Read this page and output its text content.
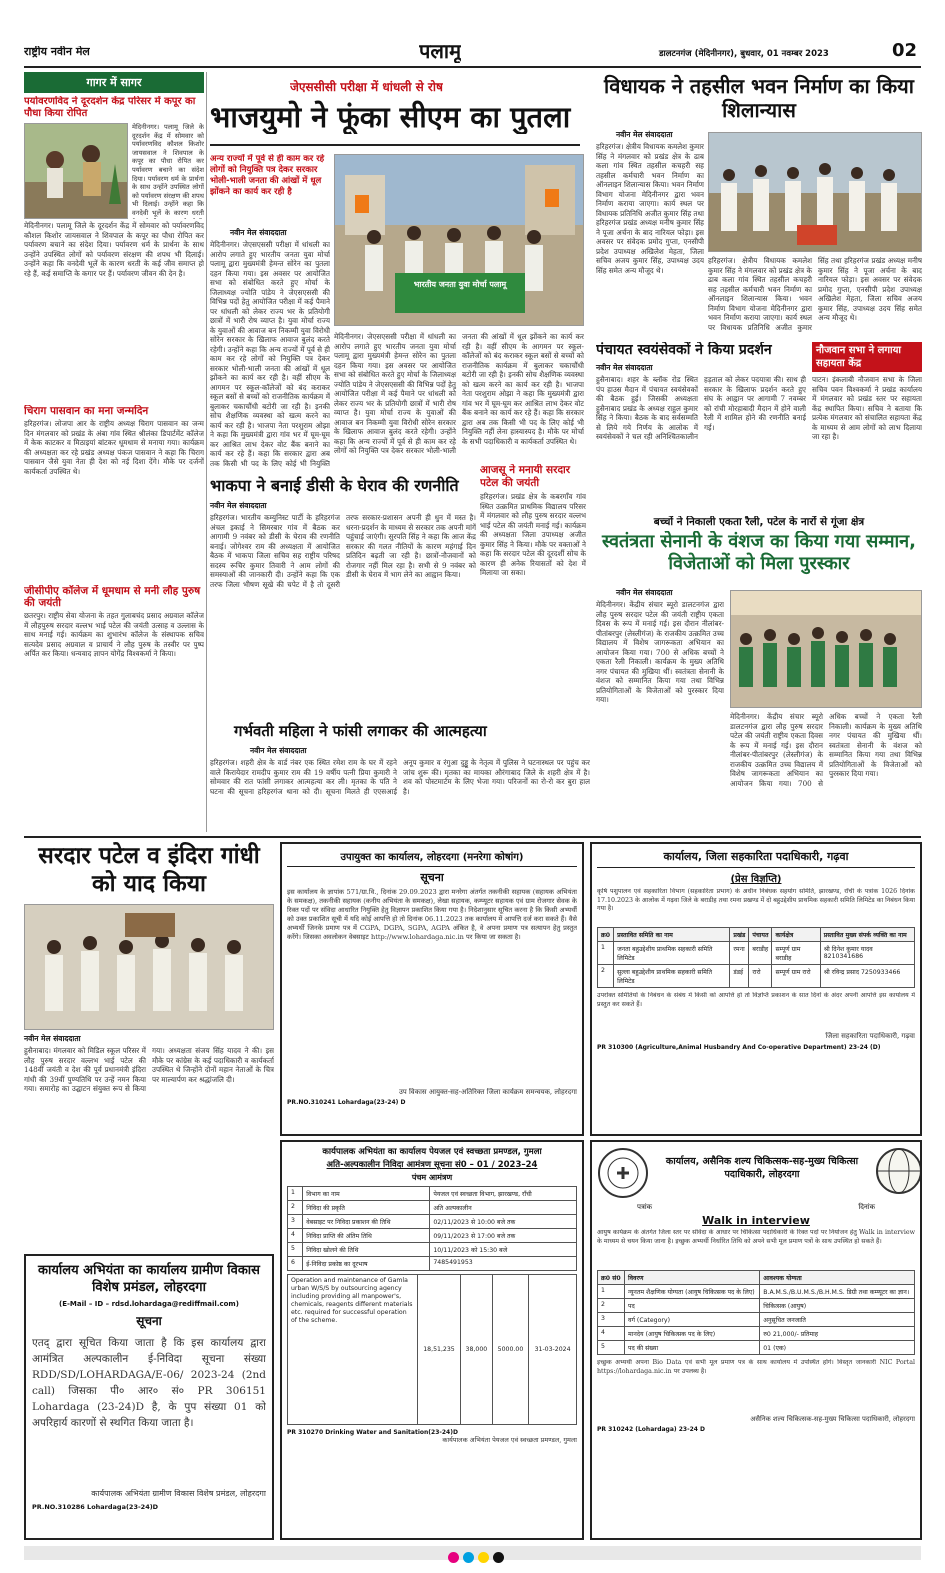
राष्ट्रीय नवीन मेल	पलामू	डालटनगंज (मेदिनीनगर), बुधवार, 01 नवम्बर 2023	02
गागर में सागर
पर्यावरणविद ने दूरदर्शन केंद्र परिसर में कपूर का पौधा किया रोपित
मेदिनीनगर। पलामू जिले के दूरदर्शन केंद्र में सोमवार को पर्यावरणविद कौशल किशोर जायसवाल ने शिवपाल के कपूर का पौधा रोपित कर पर्यावरण बचाने का संदेश दिया। पर्यावरण धर्म के प्रार्थना के साथ उन्होंने उपस्थित लोगों को पर्यावरण संरक्षण की शपथ भी दिलाई। उन्होंने कहा कि वनदेवी भूलें के कारण धरती
मेदिनीनगर। पलामू जिले के दूरदर्शन केंद्र में सोमवार को पर्यावरणविद कौशल किशोर जायसवाल ने शिवपाल के कपूर का पौधा रोपित कर पर्यावरण बचाने का संदेश दिया। पर्यावरण धर्म के प्रार्थना के साथ उन्होंने उपस्थित लोगों को पर्यावरण संरक्षण की शपथ भी दिलाई। उन्होंने कहा कि वनदेवी भूलें के कारण धरती के कई जीव समाप्त हो रहे हैं, कई समाप्ति के कगार पर हैं। पर्यावरण जीवन की देन है।
चिराग पासवान का मना जन्मदिन
हरिहरगंज। लोजपा आर के राष्ट्रीय अध्यक्ष चिराग पासवान का जन्म दिन मंगलवार को प्रखंड के अंबा गांव स्थित श्रीलंका डिपार्टमेंट कॉलेज में केक काटकर व मिठाइयां बांटकर धूमधाम से मनाया गया। कार्यक्रम की अध्यक्षता कर रहे प्रखंड अध्यक्ष पंकज पासवान ने कहा कि चिराग पासवान जैसे युवा नेता ही देश को नई दिशा देंगे। मौके पर दर्जनों कार्यकर्ता उपस्थित थे।
जीसीपीए कॉलेज में धूमधाम से मनी लौह पुरुष की जयंती
छतरपुर। राष्ट्रीय सेवा योजना के तहत गुलाबचंद प्रसाद अग्रवाल कॉलेज में लौहपुरुष सरदार वल्लभ भाई पटेल की जयंती उत्साह व उल्लास के साथ मनाई गई। कार्यक्रम का शुभारंभ कॉलेज के संस्थापक सचिव सत्यदेव प्रसाद अग्रवाल व प्राचार्य ने लौह पुरुष के तस्वीर पर पुष्प अर्पित कर किया। धन्यवाद ज्ञापन योगेंद्र विश्वकर्मा ने किया।
जेएससीसी परीक्षा में धांधली से रोष
भाजयुमो ने फूंका सीएम का पुतला
अन्य राज्यों में पूर्व से ही काम कर रहे लोगों को नियुक्ति पत्र देकर सरकार भोली-भाली जनता की आंखों में धूल झोंकने का कार्य कर रही है
भारतीय जनता युवा मोर्चा पलामू
नवीन मेल संवाददाता
मेदिनीनगर। जेएसएससी परीक्षा में धांधली का आरोप लगाते हुए भारतीय जनता युवा मोर्चा पलामू द्वारा मुख्यमंत्री हेमन्त सोरेन का पुतला दहन किया गया। इस अवसर पर आयोजित सभा को संबोधित करते हुए मोर्चा के जिलाध्यक्ष ज्योति पांडेय ने जेएसएससी की विभिन्न पदों हेतु आयोजित परीक्षा में कई पैमाने पर धांधली को लेकर राज्य भर के प्रतियोगी छात्रों में भारी रोष व्याप्त है। युवा मोर्चा राज्य के युवाओं की आवाज बन निकम्मी युवा विरोधी सोरेन सरकार के खिलाफ आवाज बुलंद करते रहेगी। उन्होंने कहा कि अन्य राज्यों में पूर्व से ही काम कर रहे लोगों को नियुक्ति पत्र देकर सरकार भोली-भाली जनता की आंखों में धूल झोंकने का कार्य कर रही है। वहीं सीएम के आगमन पर स्कूल-कॉलेजों को बंद कराकर स्कूल बसों से बच्चों को राजनीतिक कार्यक्रम में बुलाकर चकाचौंधी बटोरी जा रही है। इनकी सोच शैक्षणिक व्यवस्था को खत्म करने का कार्य कर रही है। भाजपा नेता परशुराम ओझा ने कहा कि मुख्यमंत्री द्वारा गांव भर में घूम-घूम कर आश्रित लाभ देकर वोट बैंक बनाने का कार्य कर रहे हैं। कहा कि सरकार द्वारा अब तक किसी भी पद के लिए कोई भी नियुक्ति
मेदिनीनगर। जेएसएससी परीक्षा में धांधली का आरोप लगाते हुए भारतीय जनता युवा मोर्चा पलामू द्वारा मुख्यमंत्री हेमन्त सोरेन का पुतला दहन किया गया। इस अवसर पर आयोजित सभा को संबोधित करते हुए मोर्चा के जिलाध्यक्ष ज्योति पांडेय ने जेएसएससी की विभिन्न पदों हेतु आयोजित परीक्षा में कई पैमाने पर धांधली को लेकर राज्य भर के प्रतियोगी छात्रों में भारी रोष व्याप्त है। युवा मोर्चा राज्य के युवाओं की आवाज बन निकम्मी युवा विरोधी सोरेन सरकार के खिलाफ आवाज बुलंद करते रहेगी। उन्होंने कहा कि अन्य राज्यों में पूर्व से ही काम कर रहे लोगों को नियुक्ति पत्र देकर सरकार भोली-भाली जनता की आंखों में धूल झोंकने का कार्य कर रही है। वहीं सीएम के आगमन पर स्कूल-कॉलेजों को बंद कराकर स्कूल बसों से बच्चों को राजनीतिक कार्यक्रम में बुलाकर चकाचौंधी बटोरी जा रही है। इनकी सोच शैक्षणिक व्यवस्था को खत्म करने का कार्य कर रही है। भाजपा नेता परशुराम ओझा ने कहा कि मुख्यमंत्री द्वारा गांव भर में घूम-घूम कर आश्रित लाभ देकर वोट बैंक बनाने का कार्य कर रहे हैं। कहा कि सरकार द्वारा अब तक किसी भी पद के लिए कोई भी नियुक्ति नहीं लेना हास्यास्पद है। मौके पर मोर्चा के सभी पदाधिकारी व कार्यकर्ता उपस्थित थे।
भाकपा ने बनाई डीसी के घेराव की रणनीति
नवीन मेल संवाददाता
हरिहरगंज। भारतीय कम्युनिस्ट पार्टी के हरिहरगंज अंचल इकाई ने सिमरबार गांव में बैठक कर आगामी 9 नवंबर को डीसी के घेराव की रणनीति बनाई। जोगेश्वर राम की अध्यक्षता में आयोजित बैठक में भाकपा जिला सचिव सह राष्ट्रीय परिषद सदस्य रूचिर कुमार तिवारी ने आम लोगों की समस्याओं की जानकारी दी। उन्होंने कहा कि एक तरफ जिला भीषण सूखे की चपेट में है तो दूसरी तरफ सरकार-प्रशासन अपनी ही धुन में मस्त है। धरना-प्रदर्शन के माध्यम से सरकार तक अपनी मांगें पहुंचाई जाएंगी। सुरपति सिंह ने कहा कि आज केंद्र सरकार की गलत नीतियों के कारण महंगाई दिन प्रतिदिन बढ़ती जा रही है। छात्रों-नौजवानों को रोजगार नहीं मिल रहा है। सभी से 9 नवंबर को डीसी के घेराव में भाग लेने का आह्वान किया।
आजसू ने मनायी सरदार पटेल की जयंती
हरिहरगंज। प्रखंड क्षेत्र के कबरगाँव गांव स्थित उत्क्रमित प्राथमिक विद्यालय परिसर में मंगलवार को लौह पुरुष सरदार वल्लभ भाई पटेल की जयंती मनाई गई। कार्यक्रम की अध्यक्षता जिला उपाध्यक्ष अजीत कुमार सिंह ने किया। मौके पर वक्ताओं ने कहा कि सरदार पटेल की दूरदर्शी सोच के कारण ही अनेक रियासतों को देश में मिलाया जा सका।
गर्भवती महिला ने फांसी लगाकर की आत्महत्या
नवीन मेल संवाददाता
हरिहरगंज। शहरी क्षेत्र के वार्ड नंबर एक स्थित रमेश राम के घर में रहने वाले किरायेदार रामदीप कुमार राम की 19 वर्षीय पत्नी प्रिया कुमारी ने सोमवार की रात फांसी लगाकर आत्महत्या कर ली। मृतका के पति ने घटना की सूचना हरिहरगंज थाना को दी। सूचना मिलते ही एएसआई अनूप कुमार व रंगुआ दुड्डू के नेतृत्व में पुलिस ने घटनास्थल पर पहुंच कर जांच शुरू की। मृतका का मायका औरंगाबाद जिले के शहरी क्षेत्र में है। शव को पोस्टमार्टम के लिए भेजा गया। परिजनों का रो-रो कर बुरा हाल है।
विधायक ने तहसील भवन निर्माण का किया शिलान्यास
नवीन मेल संवाददाता
हरिहरगंज। क्षेत्रीय विधायक कमलेश कुमार सिंह ने मंगलवार को प्रखंड क्षेत्र के ढाब कला गांव स्थित तहसील कचहरी सह तहसील कर्मचारी भवन निर्माण का ऑनलाइन शिलान्यास किया। भवन निर्माण विभाग योजना मेदिनीनगर द्वारा भवन निर्माण कराया जाएगा। कार्य स्थल पर विधायक प्रतिनिधि अजीत कुमार सिंह तथा हरिहरगंज प्रखंड अध्यक्ष मनीष कुमार सिंह ने पूजा अर्चना के बाद नारियल फोड़ा। इस अवसर पर संवेदक प्रमोद गुप्ता, एनसीपी प्रदेश उपाध्यक्ष अखिलेश मेहता, जिला सचिव अजय कुमार सिंह, उपाध्यक्ष उदय सिंह समेत अन्य मौजूद थे।
हरिहरगंज। क्षेत्रीय विधायक कमलेश कुमार सिंह ने मंगलवार को प्रखंड क्षेत्र के ढाब कला गांव स्थित तहसील कचहरी सह तहसील कर्मचारी भवन निर्माण का ऑनलाइन शिलान्यास किया। भवन निर्माण विभाग योजना मेदिनीनगर द्वारा भवन निर्माण कराया जाएगा। कार्य स्थल पर विधायक प्रतिनिधि अजीत कुमार सिंह तथा हरिहरगंज प्रखंड अध्यक्ष मनीष कुमार सिंह ने पूजा अर्चना के बाद नारियल फोड़ा। इस अवसर पर संवेदक प्रमोद गुप्ता, एनसीपी प्रदेश उपाध्यक्ष अखिलेश मेहता, जिला सचिव अजय कुमार सिंह, उपाध्यक्ष उदय सिंह समेत अन्य मौजूद थे।
पंचायत स्वयंसेवकों ने किया प्रदर्शन
नवीन मेल संवाददाता
हुसैनाबाद। शहर के ब्लॉक रोड स्थित पंप हाउस मैदान में पंचायत स्वयंसेवकों की बैठक हुई। जिसकी अध्यक्षता हुसैनाबाद प्रखंड के अध्यक्ष राहुल कुमार सिंह ने किया। बैठक के बाद सर्वसम्मति से लिये गये निर्णय के आलोक में स्वयंसेवकों ने चल रही अनिश्चितकालीन हड़ताल को लेकर पदयात्रा की। साथ ही सरकार के खिलाफ प्रदर्शन करते हुए संघ के आह्वान पर आगामी 7 नवम्बर को रांची मोरहाबादी मैदान में होने वाली रैली में शामिल होने की रणनीति बनाई गई।
नौजवान सभा ने लगाया सहायता केंद्र
पाटन। इंकलाबी नौजवान सभा के जिला सचिव पवन विश्वकर्मा ने प्रखंड कार्यालय में मंगलवार को प्रखंड स्तर पर सहायता केंद्र स्थापित किया। सचिव ने बताया कि प्रत्येक मंगलवार को संचालित सहायता केंद्र के माध्यम से आम लोगों को लाभ दिलाया जा रहा है।
बच्चों ने निकाली एकता रैली, पटेल के नारों से गूंजा क्षेत्र
स्वतंत्रता सेनानी के वंशज का किया गया सम्मान, विजेताओं को मिला पुरस्कार
नवीन मेल संवाददाता
मेदिनीनगर। केंद्रीय संचार ब्यूरो डालटनगंज द्वारा लौह पुरुष सरदार पटेल की जयंती राष्ट्रीय एकता दिवस के रूप में मनाई गई। इस दौरान नीलांबर-पीतांबरपुर (लेस्लीगंज) के राजकीय उत्क्रमित उच्च विद्यालय में विशेष जागरूकता अभियान का आयोजन किया गया। 700 से अधिक बच्चों ने एकता रैली निकाली। कार्यक्रम के मुख्य अतिथि नगर पंचायत की मुखिया थीं। स्वतंत्रता सेनानी के वंशज को सम्मानित किया गया तथा विभिन्न प्रतियोगिताओं के विजेताओं को पुरस्कार दिया गया।
मेदिनीनगर। केंद्रीय संचार ब्यूरो डालटनगंज द्वारा लौह पुरुष सरदार पटेल की जयंती राष्ट्रीय एकता दिवस के रूप में मनाई गई। इस दौरान नीलांबर-पीतांबरपुर (लेस्लीगंज) के राजकीय उत्क्रमित उच्च विद्यालय में विशेष जागरूकता अभियान का आयोजन किया गया। 700 से अधिक बच्चों ने एकता रैली निकाली। कार्यक्रम के मुख्य अतिथि नगर पंचायत की मुखिया थीं। स्वतंत्रता सेनानी के वंशज को सम्मानित किया गया तथा विभिन्न प्रतियोगिताओं के विजेताओं को पुरस्कार दिया गया।
सरदार पटेल व इंदिरा गांधी को याद किया
नवीन मेल संवाददाता
हुसैनाबाद। मंगलवार को मिडिल स्कूल परिसर में लौह पुरुष सरदार वल्लभ भाई पटेल की 148वीं जयंती व देश की पूर्व प्रधानमंत्री इंदिरा गांधी की 39वीं पुण्यतिथि पर उन्हें नमन किया गया। समारोह का उद्घाटन संयुक्त रूप से किया गया। अध्यक्षता संजय सिंह यादव ने की। इस मौके पर कांग्रेस के कई पदाधिकारी व कार्यकर्ता उपस्थित थे जिन्होंने दोनों महान नेताओं के चित्र पर माल्यार्पण कर श्रद्धांजलि दी।
कार्यालय अभियंता का कार्यालय ग्रामीण विकास विशेष प्रमंडल, लोहरदगा
(E-Mail – ID – rdsd.lohardaga@rediffmail.com)
सूचना
एतद् द्वारा सूचित किया जाता है कि इस कार्यालय द्वारा आमंत्रित अल्पकालीन ई-निविदा सूचना संख्या RDD/SD/LOHARDAGA/E-06/ 2023-24 (2nd call) जिसका पी० आर० सं० PR 306151 Lohardaga (23-24)D है, के पुप संख्या 01 को अपरिहार्य कारणों से स्थगित किया जाता है।
कार्यपालक अभियंता ग्रामीण विकास विशेष प्रमंडल, लोहरदगा
PR.NO.310286 Lohardaga(23-24)D
उपायुक्त का कार्यालय, लोहरदगा (मनरेगा कोषांग)
सूचना
इस कार्यालय के ज्ञापांक 571/ग्रा.वि., दिनांक 29.09.2023 द्वारा मनरेगा अंतर्गत तकनीकी सहायक (सहायक अभियंता के समकक्ष), तकनीकी सहायक (कनीय अभियंता के समकक्ष), लेखा सहायक, कम्प्यूटर सहायक एवं ग्राम रोजगार सेवक के रिक्त पदों पर संविदा आधारित नियुक्ति हेतु विज्ञापन प्रकाशित किया गया है। निदेशानुसार सूचित करना है कि किसी अभ्यर्थी को उक्त प्रकाशित सूची में यदि कोई आपत्ति हो तो दिनांक 06.11.2023 तक कार्यालय में आपत्ति दर्ज करा सकते हैं। वैसे अभ्यर्थी जिनके प्रमाण पत्र में CGPA, DGPA, SGPA, AGPA अंकित है, वे अपना प्रमाण पत्र सत्यापन हेतु प्रस्तुत करेंगे। जिसका अवलोकन वेबसाइट http://www.lohardaga.nic.in पर किया जा सकता है।
उप विकास आयुक्त-सह-अतिरिक्त जिला कार्यक्रम समन्वयक, लोहरदगा
PR.NO.310241 Lohardaga(23-24) D
कार्यपालक अभियंता का कार्यालय पेयजल एवं स्वच्छता प्रमण्डल, गुमला
अति-अल्पकालीन निविदा आमंत्रण सूचना सं0 – 01 / 2023–24
पंचम आमंत्रण
1	विभाग का नाम	पेयजल एवं स्वच्छता विभाग, झारखण्ड, राँची
2	निविदा की प्रकृति	अति अल्पकालीन
3	वेबसाइट पर निविदा प्रकाशन की तिथि	02/11/2023 से 10:00 बजे तक
4	निविदा प्राप्ति की अंतिम तिथि	09/11/2023 से 17:00 बजे तक
5	निविदा खोलने की तिथि	10/11/2023 को 15:30 बजे
6	ई-निविदा प्रकोष्ठ का दूरभाष	7485491953
Operation and maintenance of Gamla urban W/S/S by outsourcing agency including providing all manpower's, chemicals, reagents different materials etc. required for successful operation of the scheme.	18,51,235	38,000	5000.00	31-03-2024
PR 310270 Drinking Water and Sanitation(23-24)D
कार्यपालक अभियंता पेयजल एवं स्वच्छता प्रमण्डल, गुमला
कार्यालय, जिला सहकारिता पदाधिकारी, गढ़वा
(प्रेस विज्ञप्ति)
कृषि पशुपालन एवं सहकारिता विभाग (सहकारिता प्रभाग) के अधीन निबंधक सहयोग समिति, झारखण्ड, राँची के पत्रांक 1026 दिनांक 17.10.2023 के आलोक में गढ़वा जिले के बराडीह तथा रमना प्रखण्ड में दो बहुउद्देशीय प्राथमिक सहकारी समिति लिमिटेड का निबंधन किया गया है।
क्र0	प्रस्तावित समिति का नाम	प्रखंड	पंचायत	कार्यक्षेत्र	प्रस्तावित मुख्य संपर्क व्यक्ति का नाम
1	जनता बहुउद्देशीय प्राथमिक सहकारी समिति लिमिटेड	रमना	बराडीह	सम्पूर्ण ग्राम बराडीह	श्री दिनेश कुमार यादव 8210341686
2	सुल्ला बहुउद्देशीय प्राथमिक सहकारी समिति लिमिटेड	डंडई	रारो	सम्पूर्ण ग्राम रारो	श्री रविन्द्र प्रसाद 7250933466
उपरोक्त समितियों के निबंधन के संबंध में किसी को आपत्ति हो तो विज्ञप्ति प्रकाशन के सात दिनों के अंदर अपनी आपत्ति इस कार्यालय में प्रस्तुत कर सकते हैं।
जिला सहकारिता पदाधिकारी, गढ़वा
PR 310300 (Agriculture,Animal Husbandry And Co-operative Department) 23-24 (D)
कार्यालय, असैनिक शल्य चिकित्सक-सह-मुख्य चिकित्सा पदाधिकारी, लोहरदगा
पत्रांक	दिनांक
Walk in interview
आयुष कार्यक्रम के अंतर्गत जिला स्तर पर संविदा के आधार पर चिकित्सा पदाधिकारी के रिक्त पदों पर नियोजन हेतु Walk in interview के माध्यम से चयन किया जाना है। इच्छुक अभ्यर्थी निर्धारित तिथि को अपने सभी मूल प्रमाण पत्रों के साथ उपस्थित हो सकते हैं।
क्र0 सं0	विवरण	आवश्यक योग्यता
1	न्यूनतम शैक्षणिक योग्यता (आयुष चिकित्सक पद के लिए)	B.A.M.S./B.U.M.S./B.H.M.S. डिग्री तथा कम्प्यूटर का ज्ञान।
2	पद	चिकित्सक (आयुष)
3	वर्ग (Category)	अनुसूचित जनजाति
4	मानदेय (आयुष चिकित्सक पद के लिए)	रु0 21,000/- प्रतिमाह
5	पद की संख्या	01 (एक)
इच्छुक अभ्यर्थी अपना Bio Data एवं सभी मूल प्रमाण पत्र के साथ कार्यालय में उपस्थित होंगे। विस्तृत जानकारी NIC Portal https://lohardaga.nic.in पर उपलब्ध है।
असैनिक शल्य चिकित्सक-सह-मुख्य चिकित्सा पदाधिकारी, लोहरदगा
PR 310242 (Lohardaga) 23-24 D
